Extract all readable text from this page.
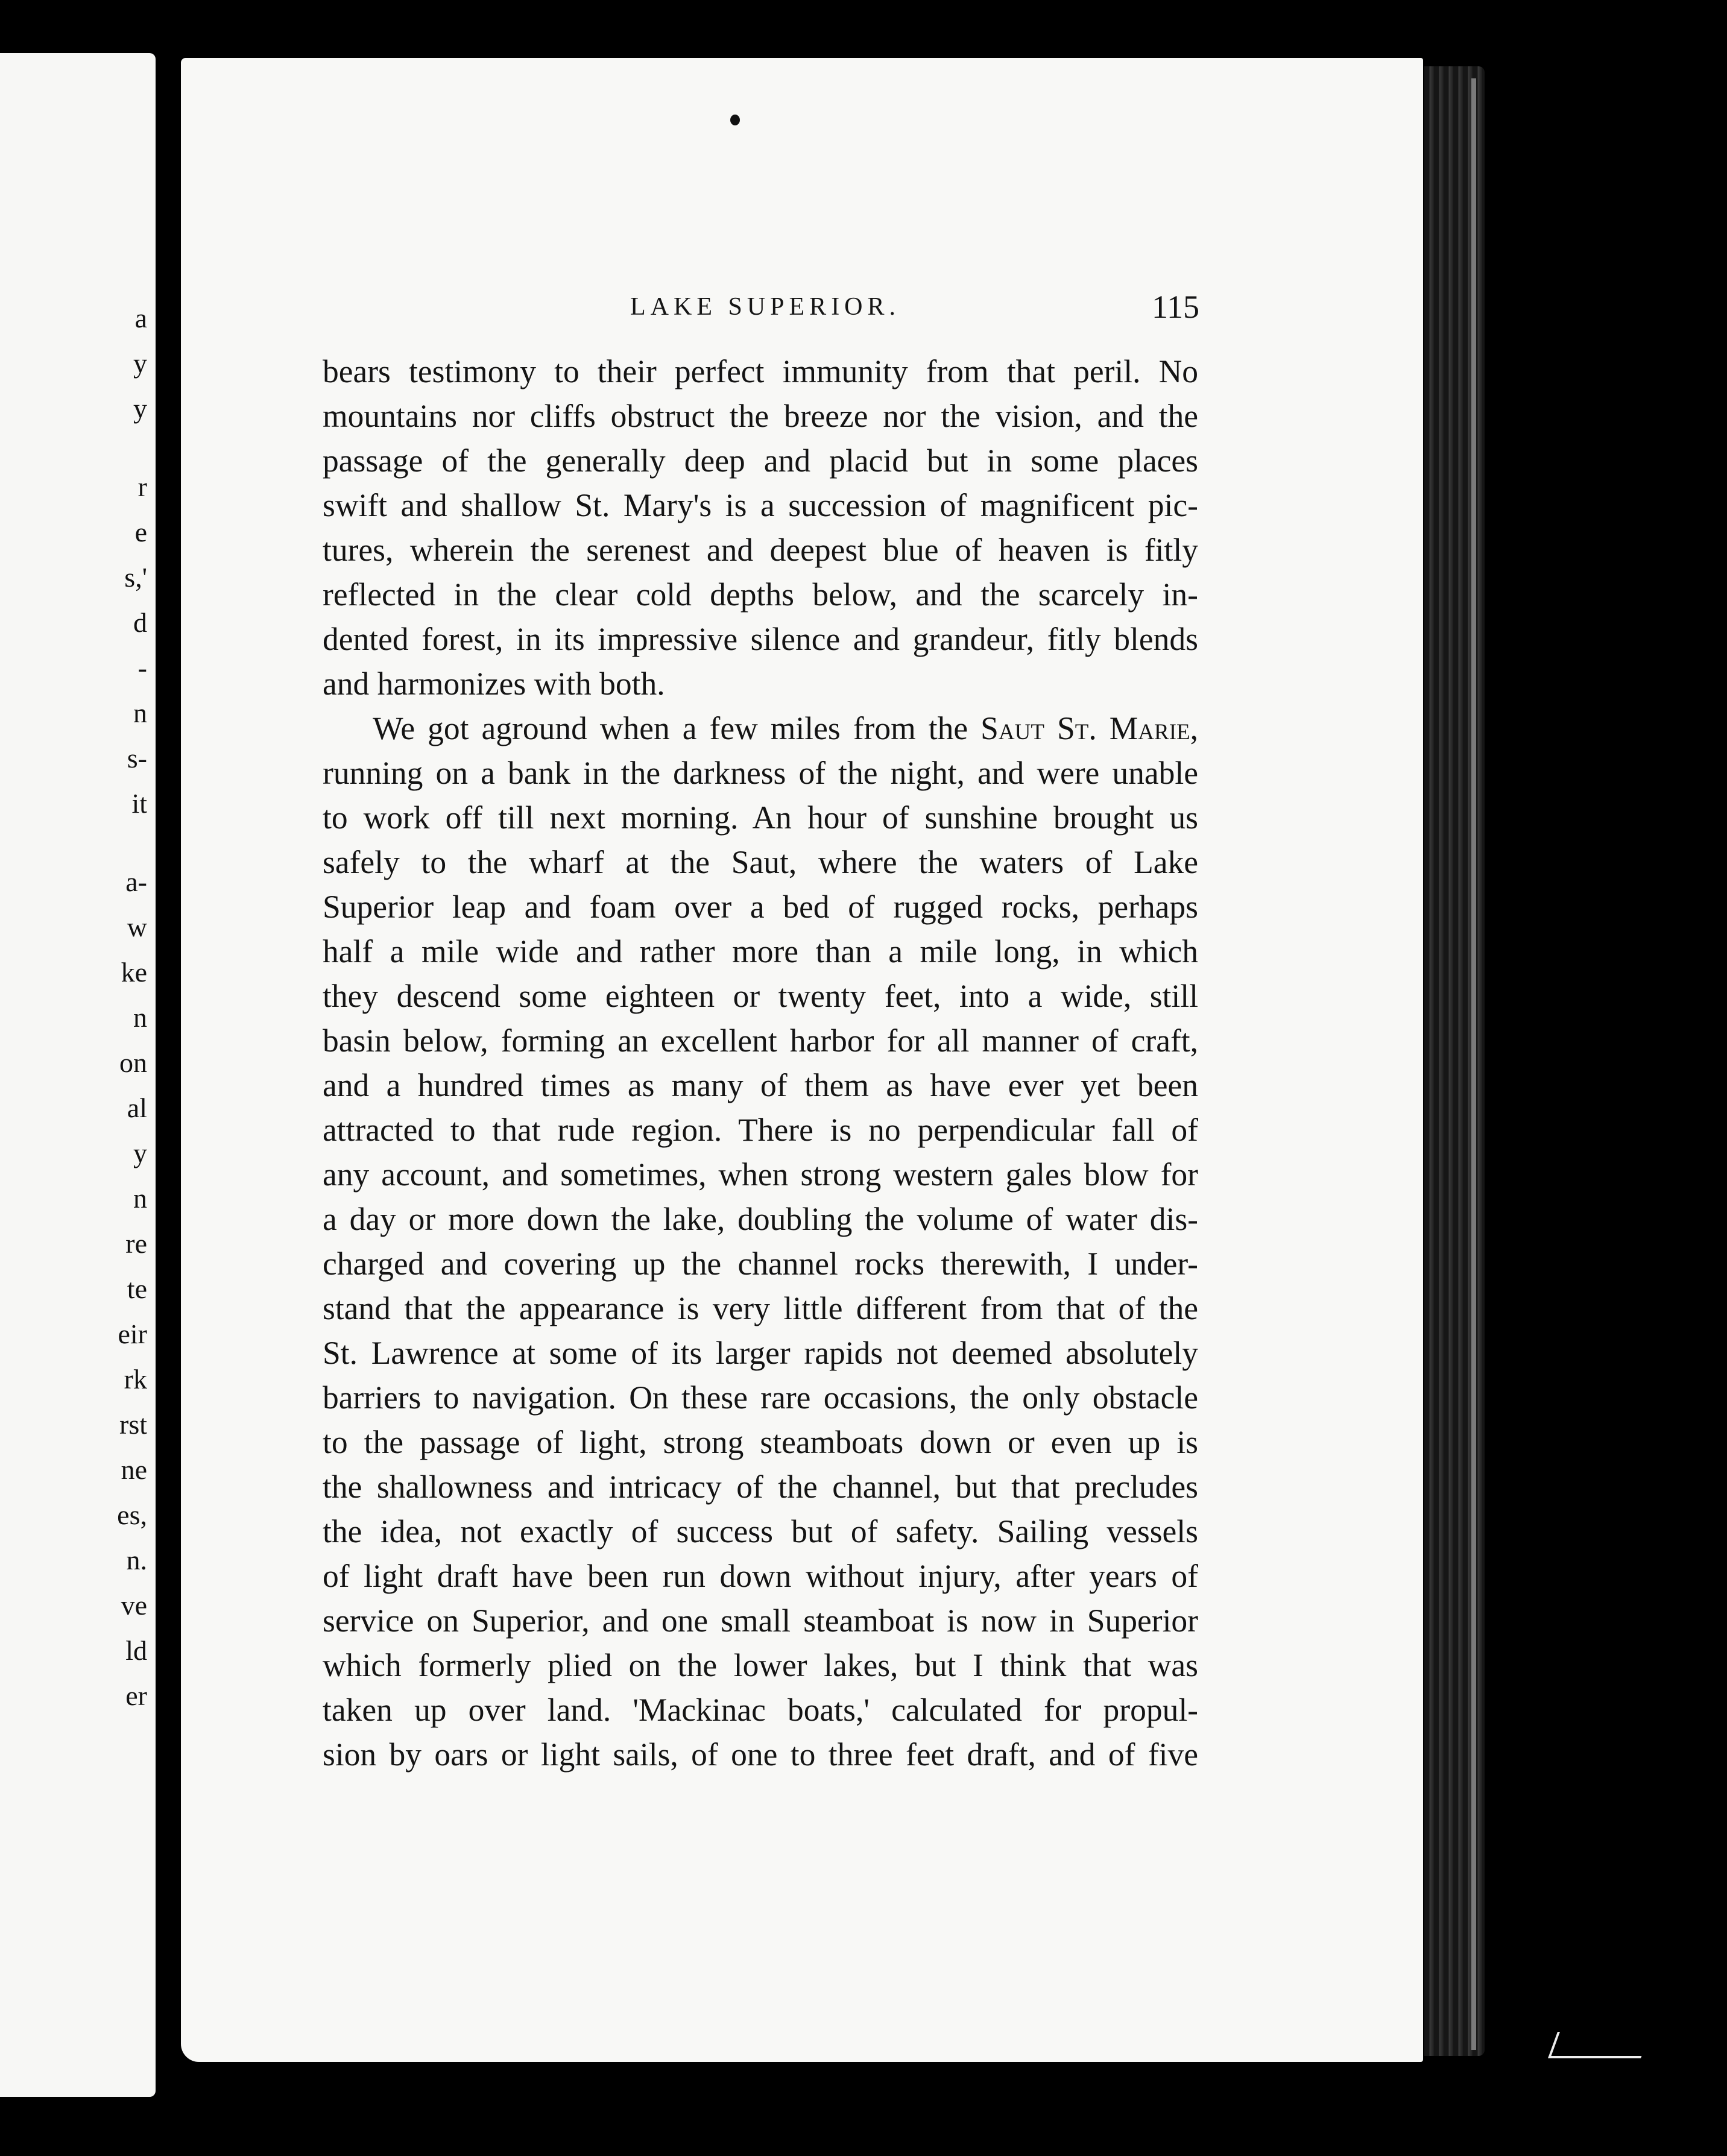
a
y
y
r
e
s,'
d
-
n
s-
it
a-
w
ke
n
on
al
y
n
re
te
eir
rk
rst
ne
es,
n.
ve
ld
er
LAKE SUPERIOR.	115
bears testimony to their perfect immunity from that peril. No
mountains nor cliffs obstruct the breeze nor the vision, and the
passage of the generally deep and placid but in some places
swift and shallow St. Mary's is a succession of magnificent pic-
tures, wherein the serenest and deepest blue of heaven is fitly
reflected in the clear cold depths below, and the scarcely in-
dented forest, in its impressive silence and grandeur, fitly blends
and harmonizes with both.
We got aground when a few miles from the Saut St. Marie,
running on a bank in the darkness of the night, and were unable
to work off till next morning. An hour of sunshine brought us
safely to the wharf at the Saut, where the waters of Lake
Superior leap and foam over a bed of rugged rocks, perhaps
half a mile wide and rather more than a mile long, in which
they descend some eighteen or twenty feet, into a wide, still
basin below, forming an excellent harbor for all manner of craft,
and a hundred times as many of them as have ever yet been
attracted to that rude region. There is no perpendicular fall of
any account, and sometimes, when strong western gales blow for
a day or more down the lake, doubling the volume of water dis-
charged and covering up the channel rocks therewith, I under-
stand that the appearance is very little different from that of the
St. Lawrence at some of its larger rapids not deemed absolutely
barriers to navigation. On these rare occasions, the only obstacle
to the passage of light, strong steamboats down or even up is
the shallowness and intricacy of the channel, but that precludes
the idea, not exactly of success but of safety. Sailing vessels
of light draft have been run down without injury, after years of
service on Superior, and one small steamboat is now in Superior
which formerly plied on the lower lakes, but I think that was
taken up over land. 'Mackinac boats,' calculated for propul-
sion by oars or light sails, of one to three feet draft, and of five
